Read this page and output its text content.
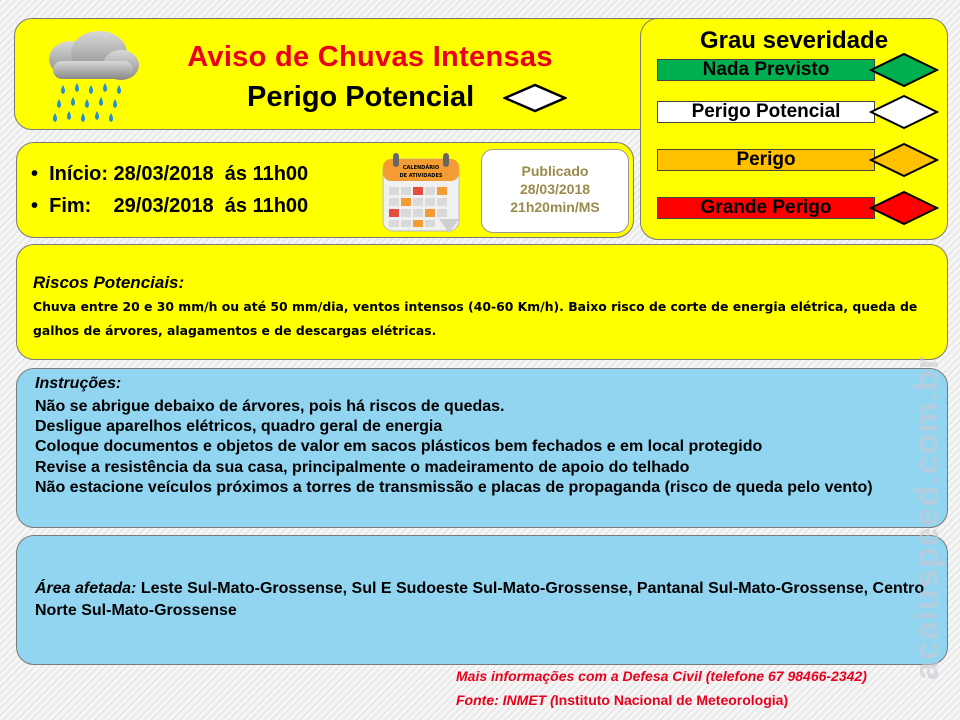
Aviso de Chuvas Intensas
Perigo Potencial
Grau severidade
Nada Previsto
Perigo Potencial
Perigo
Grande Perigo
•  Início: 28/03/2018  ás 11h00
•  Fim:    29/03/2018  ás 11h00
CALENDÁRIO
DE ATIVIDADES	Publicado
28/03/2018
21h20min/MS
Riscos Potenciais:
Chuva entre 20 e 30 mm/h ou até 50 mm/dia, ventos intensos (40-60 Km/h). Baixo risco de corte de energia elétrica, queda de galhos de árvores, alagamentos e de descargas elétricas.
Instruções:
Não se abrigue debaixo de árvores, pois há riscos de quedas.
Desligue aparelhos elétricos, quadro geral de energia
Coloque documentos e objetos de valor em sacos plásticos bem fechados e em local protegido
Revise a resistência da sua casa, principalmente o madeiramento de apoio do telhado
Não estacione veículos próximos a torres de transmissão e placas de propaganda (risco de queda pelo vento)
Área afetada: Leste Sul-Mato-Grossense, Sul E Sudoeste Sul-Mato-Grossense, Pantanal Sul-Mato-Grossense, Centro Norte Sul-Mato-Grossense
Mais informações com a Defesa Civil (telefone 67 98466-2342)
Fonte: INMET (Instituto Nacional de Meteorologia)
acaiuspeed.com.br
